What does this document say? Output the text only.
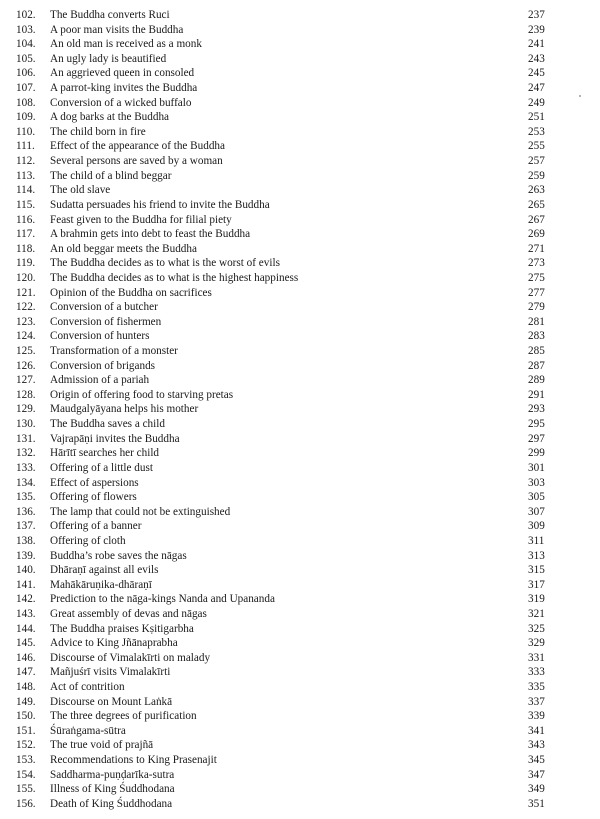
102.	The Buddha converts Ruci	237
103.	A poor man visits the Buddha	239
104.	An old man is received as a monk	241
105.	An ugly lady is beautified	243
106.	An aggrieved queen in consoled	245
107.	A parrot-king invites the Buddha	247
108.	Conversion of a wicked buffalo	249
109.	A dog barks at the Buddha	251
110.	The child born in fire	253
111.	Effect of the appearance of the Buddha	255
112.	Several persons are saved by a woman	257
113.	The child of a blind beggar	259
114.	The old slave	263
115.	Sudatta persuades his friend to invite the Buddha	265
116.	Feast given to the Buddha for filial piety	267
117.	A brahmin gets into debt to feast the Buddha	269
118.	An old beggar meets the Buddha	271
119.	The Buddha decides as to what is the worst of evils	273
120.	The Buddha decides as to what is the highest happiness	275
121.	Opinion of the Buddha on sacrifices	277
122.	Conversion of a butcher	279
123.	Conversion of fishermen	281
124.	Conversion of hunters	283
125.	Transformation of a monster	285
126.	Conversion of brigands	287
127.	Admission of a pariah	289
128.	Origin of offering food to starving pretas	291
129.	Maudgalyāyana helps his mother	293
130.	The Buddha saves a child	295
131.	Vajrapāṇi invites the Buddha	297
132.	Hārītī searches her child	299
133.	Offering of a little dust	301
134.	Effect of aspersions	303
135.	Offering of flowers	305
136.	The lamp that could not be extinguished	307
137.	Offering of a banner	309
138.	Offering of cloth	311
139.	Buddha’s robe saves the nāgas	313
140.	Dhāraṇī against all evils	315
141.	Mahākāruṇika-dhāraṇī	317
142.	Prediction to the nāga-kings Nanda and Upananda	319
143.	Great assembly of devas and nāgas	321
144.	The Buddha praises Kṣitigarbha	325
145.	Advice to King Jñānaprabha	329
146.	Discourse of Vimalakīrti on malady	331
147.	Mañjuśrī visits Vimalakīrti	333
148.	Act of contrition	335
149.	Discourse on Mount Laṅkā	337
150.	The three degrees of purification	339
151.	Śūraṅgama-sūtra	341
152.	The true void of prajñā	343
153.	Recommendations to King Prasenajit	345
154.	Saddharma-puṇḍarīka-sutra	347
155.	Illness of King Śuddhodana	349
156.	Death of King Śuddhodana	351
